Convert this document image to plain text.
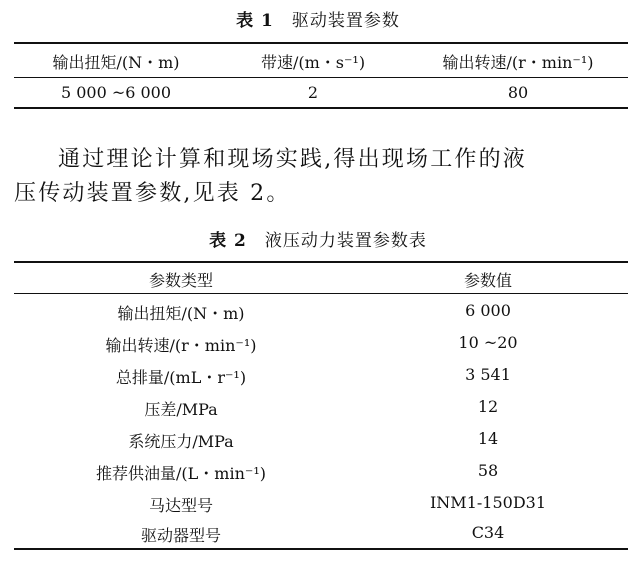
表 1 驱动装置参数
输出扭矩/(N・m)	带速/(m・s⁻¹)	输出转速/(r・min⁻¹)
5 000 ~6 000	2	80
通过理论计算和现场实践,得出现场工作的液
压传动装置参数,见表 2。
表 2 液压动力装置参数表
参数类型	参数值
输出扭矩/(N・m)	6 000
输出转速/(r・min⁻¹)	10 ~20
总排量/(mL・r⁻¹)	3 541
压差/MPa	12
系统压力/MPa	14
推荐供油量/(L・min⁻¹)	58
马达型号	INM1-150D31
驱动器型号	C34
